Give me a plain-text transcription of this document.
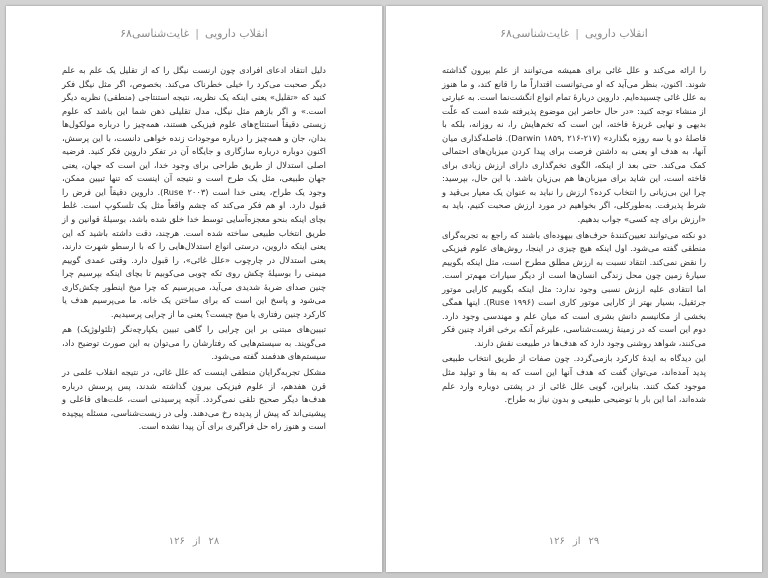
انقلاب دارویی|غایت‌شناسی۶۸

دلیل انتقاد ادعای افرادی چون ارنست نیگل را که از تقلیل یک علم به علم دیگر صحبت می‌کرد را خیلی خطرناک می‌کند. بخصوص، اگر مثل نیگل فکر کنید که «تقلیل» یعنی اینکه یک نظریه، نتیجه استنتاجی (منطقی) نظریه دیگر است.» و اگر بازهم مثل نیگل، مدل تقلیلی ذهن شما این باشد که علوم زیستی دقیقاً استنتاج‌های علوم فیزیکی هستند، همه‌چیز را درباره مولکول‌ها بدان، جان و همه‌چیز را درباره موجودات زنده خواهی دانست، با این پرسش، اکنون دوباره درباره سازگاری و جایگاه آن در تفکر داروین فکر کنید. فرضیه اصلی استدلال از طریق طراحی برای وجود خدا، این است که جهان، یعنی جهان طبیعی، مثل یک طرح است و نتیجه آن اینست که تنها تبیین ممکن، وجود یک طراح، یعنی خدا است (Ruse ۲۰۰۳). داروین دقیقاً این فرض را قبول دارد. او هم فکر می‌کند که چشم واقعاً مثل یک تلسکوپ است. غلط بچای اینکه بنحو معجزه‌آسایی توسط خدا خلق شده باشد، بوسیلهٔ قوانین و از طریق انتخاب طبیعی ساخته شده است. هرچند، دقت داشته باشید که این یعنی اینکه داروین، درستی انواع استدلال‌هایی را که با ارسطو شهرت دارند، یعنی استدلال در چارچوب «علل غائی»، را قبول دارد. وقتی عمدی گوییم میمنی را بوسیلهٔ چکش روی تکه چوبی می‌کوبیم تا بچای اینکه بپرسیم چرا چنین صدای ضربهٔ شدیدی می‌آید، می‌پرسیم که چرا میخ اینطور چکش‌کاری می‌شود و پاسخ این است که برای ساختن یک خانه. ما می‌پرسیم هدف یا کارکرد چنین رفتاری یا میخ چیست؟ یعنی ما از چرایی پرسیدیم.

تبیین‌های مبتنی بر این چرایی را گاهی تبیین یکپارچه‌نگر (تلئولوژیک) هم می‌گویند. به سیستم‌هایی که رفتارشان را می‌توان به این صورت توضیح داد، سیستم‌های هدفمند گفته می‌شود.

مشکل تجربه‌گرایان منطقی اینست که علل غائی، در نتیجه انقلاب علمی در قرن هفدهم، از علوم فیزیکی بیرون گذاشته شدند، پس پرسش درباره هدف‌ها دیگر صحیح تلقی نمی‌گردد. آنچه پرسیدنی است، علت‌های فاعلی و پیشینی‌اند که پیش از پدیده رخ می‌دهند. ولی در زیست‌شناسی، مسئله پیچیده است و هنوز راه حل فراگیری برای آن پیدا نشده است.

۲۸از۱۲۶
انقلاب دارویی|غایت‌شناسی۶۸

را ارائه می‌کند و علل غائی برای همیشه می‌توانند از علم بیرون گذاشته شوند. اکنون، بنظر می‌آید که او می‌توانست اقتداراً ما را قانع کند، و ما هنوز به علل غائی چسبیده‌ایم. داروین دربارهٔ تمام انواع انگشت‌نما است. به عبارتی از منشاء توجه کنید: «در حال حاضر این موضوع پذیرفته شده است که علّت بدیهی و نهایی غریزهٔ فاخته، این است که تخم‌هایش را، نه روزانه، بلکه با فاصلهٔ دو یا سه روزه بگذارد» (Darwin ۱۸۵۹, ۲۱۶-۲۱۷). فاصله‌گذاری میان آنها، به هدف او یعنی به داشتن فرصت برای پیدا کردن میزبان‌های احتمالی کمک می‌کند. حتی بعد از اینکه، الگوی تخم‌گذاری دارای ارزش زیادی برای فاخته است، این شاید برای میزبان‌ها هم بی‌زیان باشد. با این حال، بپرسید: چرا این بی‌زیانی را انتخاب کرده؟ ارزش را نباید به عنوان یک معیار بی‌قید و شرط پذیرفت. به‌طورکلی، اگر بخواهیم در مورد ارزش صحبت کنیم، باید به «ارزش برای چه کسی» جواب بدهیم.

دو نکته می‌توانند تعیین‌کنندهٔ حرف‌های بیهوده‌ای باشند که راجع به تجربه‌گرای منطقی گفته می‌شود. اول اینکه هیچ چیزی در اینجا، روش‌های علوم فیزیکی را نقض نمی‌کند. انتقاد نسبت به ارزش مطلق مطرح است، مثل اینکه بگوییم سیارهٔ زمین چون محل زندگی انسان‌ها است از دیگر سیارات مهم‌تر است. اما انتقادی علیه ارزش نسبی وجود ندارد: مثل اینکه بگوییم کارایی موتور جرثقیل، بسیار بهتر از کارایی موتور کاری است (Ruse ۱۹۹۶). اینها همگی بخشی از مکانیسم دانش بشری است که میان علم و مهندسی وجود دارد. دوم این است که در زمینهٔ زیست‌شناسی، علیرغم آنکه برخی افراد چنین فکر می‌کنند، شواهد روشنی وجود دارد که هدف‌ها در طبیعت نقش دارند.

این دیدگاه به ایدهٔ کارکرد بازمی‌گردد. چون صفات از طریق انتخاب طبیعی پدید آمده‌اند، می‌توان گفت که هدف آنها این است که به بقا و تولید مثل موجود کمک کنند. بنابراین، گویی علل غائی از در پشتی دوباره وارد علم شده‌اند، اما این بار با توضیحی طبیعی و بدون نیاز به طراح.

۲۹از۱۲۶
